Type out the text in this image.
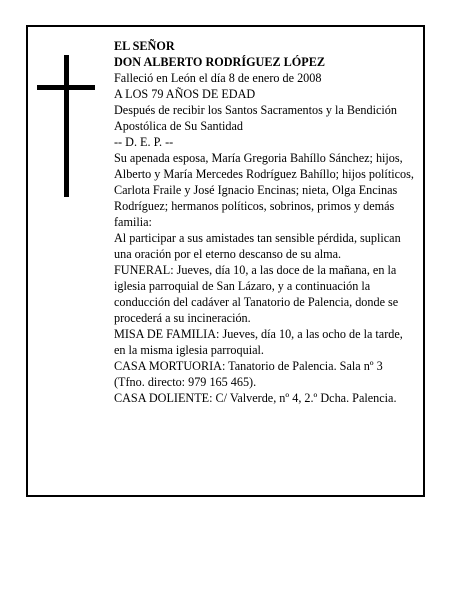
EL SEÑOR

DON ALBERTO RODRÍGUEZ LÓPEZ

Falleció en León el día 8 de enero de 2008

A LOS 79 AÑOS DE EDAD

Después de recibir los Santos Sacramentos y la Bendición Apostólica de Su Santidad

-- D. E. P. --

Su apenada esposa, María Gregoria Bahíllo Sánchez; hijos, Alberto y María Mercedes Rodríguez Bahíllo; hijos políticos, Carlota Fraile y José Ignacio Encinas; nieta, Olga Encinas Rodríguez; hermanos políticos, sobrinos, primos y demás familia:

Al participar a sus amistades tan sensible pérdida, suplican una oración por el eterno descanso de su alma.

FUNERAL: Jueves, día 10, a las doce de la mañana, en la iglesia parroquial de San Lázaro, y a continuación la conducción del cadáver al Tanatorio de Palencia, donde se procederá a su incineración.

MISA DE FAMILIA: Jueves, día 10, a las ocho de la tarde, en la misma iglesia parroquial.

CASA MORTUORIA: Tanatorio de Palencia. Sala nº 3 (Tfno. directo: 979 165 465).

CASA DOLIENTE: C/ Valverde, nº 4, 2.º Dcha. Palencia.
